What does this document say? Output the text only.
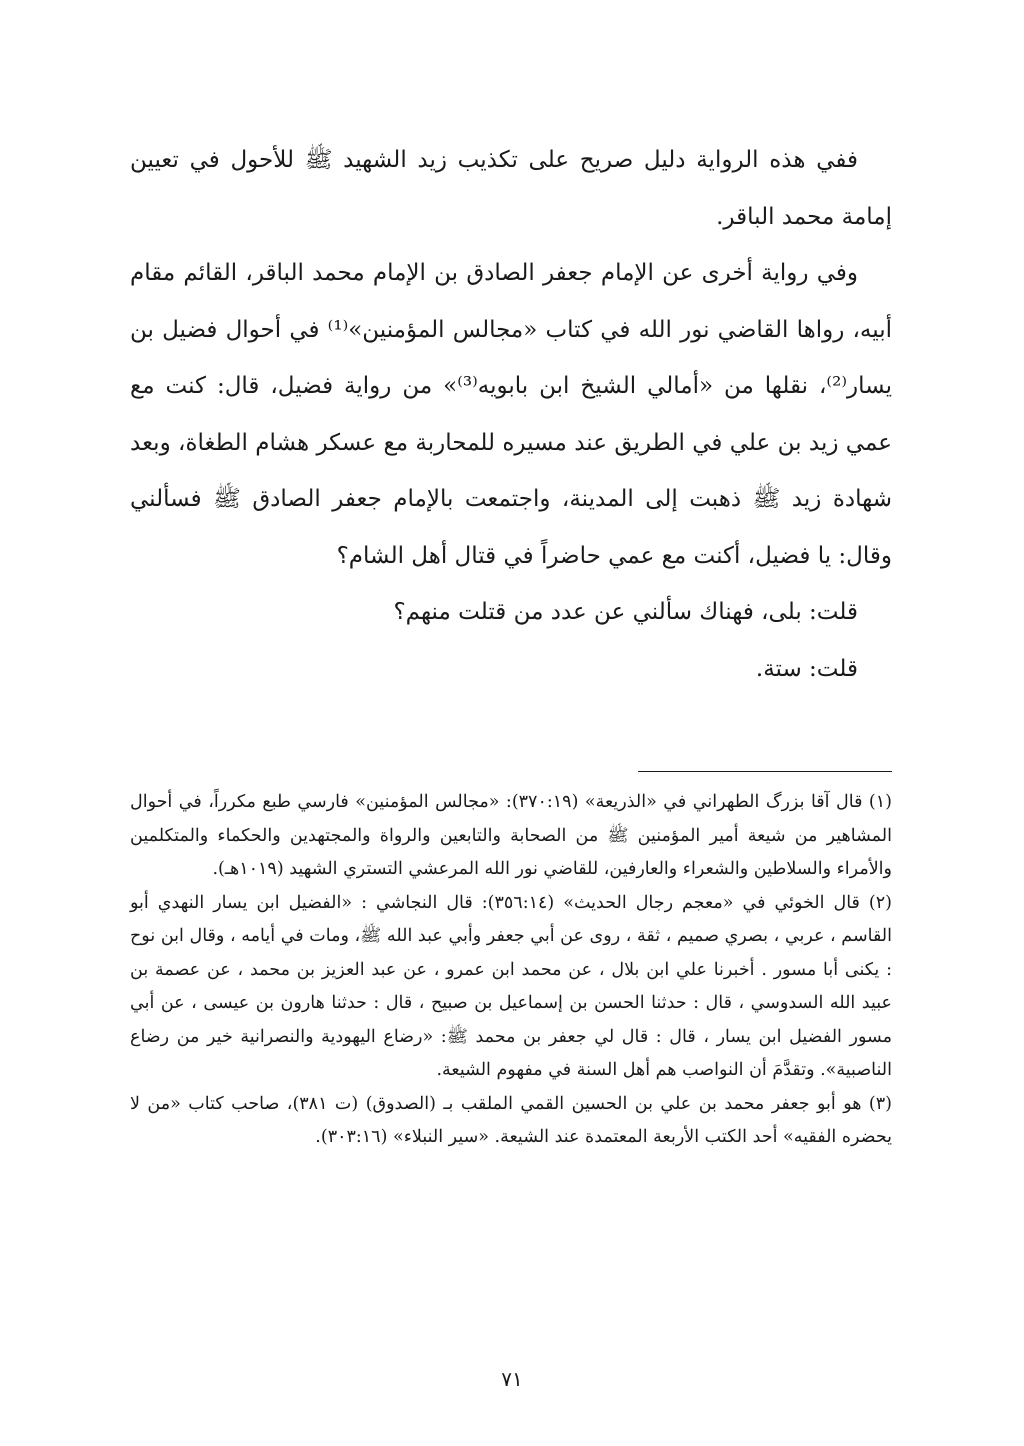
ففي هذه الرواية دليل صريح على تكذيب زيد الشهيد ﷺ للأحول في تعيين إمامة محمد الباقر.

وفي رواية أخرى عن الإمام جعفر الصادق بن الإمام محمد الباقر، القائم مقام أبيه، رواها القاضي نور الله في كتاب «مجالس المؤمنين»⁽¹⁾ في أحوال فضيل بن يسار⁽²⁾، نقلها من «أمالي الشيخ ابن بابويه⁽³⁾» من رواية فضيل، قال: كنت مع عمي زيد بن علي في الطريق عند مسيره للمحاربة مع عسكر هشام الطغاة، وبعد شهادة زيد ﷺ ذهبت إلى المدينة، واجتمعت بالإمام جعفر الصادق ﷺ فسألني وقال: يا فضيل، أكنت مع عمي حاضراً في قتال أهل الشام؟

قلت: بلى، فهناك سألني عن عدد من قتلت منهم؟

قلت: ستة.

(١) قال آقا بزرگ الطهراني في «الذريعة» (٣٧٠:١٩): «مجالس المؤمنين» فارسي طبع مكرراً، في أحوال المشاهير من شيعة أمير المؤمنين ﷺ من الصحابة والتابعين والرواة والمجتهدين والحكماء والمتكلمين والأمراء والسلاطين والشعراء والعارفين، للقاضي نور الله المرعشي التستري الشهيد (١٠١٩هـ).

(٢) قال الخوئي في «معجم رجال الحديث» (٣٥٦:١٤): قال النجاشي : «الفضيل ابن يسار النهدي أبو القاسم ، عربي ، بصري صميم ، ثقة ، روى عن أبي جعفر وأبي عبد الله ﷺ، ومات في أيامه ، وقال ابن نوح : يكنى أبا مسور . أخبرنا علي ابن بلال ، عن محمد ابن عمرو ، عن عبد العزيز بن محمد ، عن عصمة بن عبيد الله السدوسي ، قال : حدثنا الحسن بن إسماعيل بن صبيح ، قال : حدثنا هارون بن عيسى ، عن أبي مسور الفضيل ابن يسار ، قال : قال لي جعفر بن محمد ﷺ: «رضاع اليهودية والنصرانية خير من رضاع الناصبية». وتقدَّمَ أن النواصب هم أهل السنة في مفهوم الشيعة.

(٣) هو أبو جعفر محمد بن علي بن الحسين القمي الملقب بـ (الصدوق) (ت ٣٨١)، صاحب كتاب «من لا يحضره الفقيه» أحد الكتب الأربعة المعتمدة عند الشيعة. «سير النبلاء» (٣٠٣:١٦).

٧١
